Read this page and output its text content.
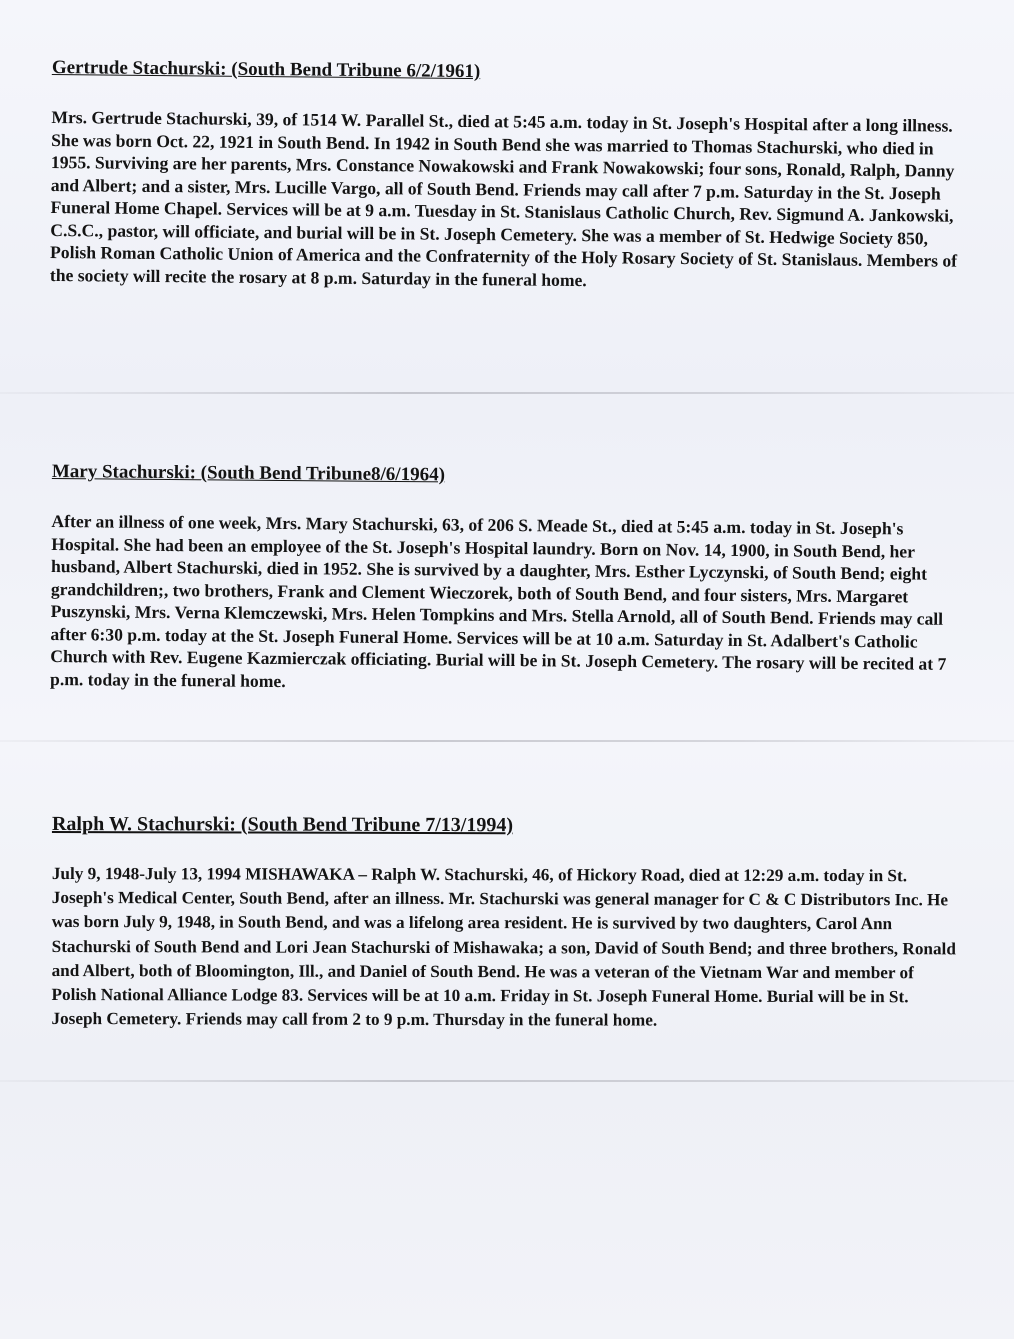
Gertrude Stachurski: (South Bend Tribune 6/2/1961)

Mrs. Gertrude Stachurski, 39, of 1514 W. Parallel St., died at 5:45 a.m. today in St. Joseph's Hospital after a long illness. She was born Oct. 22, 1921 in South Bend. In 1942 in South Bend she was married to Thomas Stachurski, who died in 1955. Surviving are her parents, Mrs. Constance Nowakowski and Frank Nowakowski; four sons, Ronald, Ralph, Danny and Albert; and a sister, Mrs. Lucille Vargo, all of South Bend. Friends may call after 7 p.m. Saturday in the St. Joseph Funeral Home Chapel. Services will be at 9 a.m. Tuesday in St. Stanislaus Catholic Church, Rev. Sigmund A. Jankowski, C.S.C., pastor, will officiate, and burial will be in St. Joseph Cemetery. She was a member of St. Hedwige Society 850, Polish Roman Catholic Union of America and the Confraternity of the Holy Rosary Society of St. Stanislaus. Members of the society will recite the rosary at 8 p.m. Saturday in the funeral home.

Mary Stachurski: (South Bend Tribune8/6/1964)

After an illness of one week, Mrs. Mary Stachurski, 63, of 206 S. Meade St., died at 5:45 a.m. today in St. Joseph's Hospital. She had been an employee of the St. Joseph's Hospital laundry. Born on Nov. 14, 1900, in South Bend, her husband, Albert Stachurski, died in 1952. She is survived by a daughter, Mrs. Esther Lyczynski, of South Bend; eight grandchildren;, two brothers, Frank and Clement Wieczorek, both of South Bend, and four sisters, Mrs. Margaret Puszynski, Mrs. Verna Klemczewski, Mrs. Helen Tompkins and Mrs. Stella Arnold, all of South Bend. Friends may call after 6:30 p.m. today at the St. Joseph Funeral Home. Services will be at 10 a.m. Saturday in St. Adalbert's Catholic Church with Rev. Eugene Kazmierczak officiating. Burial will be in St. Joseph Cemetery. The rosary will be recited at 7 p.m. today in the funeral home.

Ralph W. Stachurski: (South Bend Tribune 7/13/1994)

July 9, 1948-July 13, 1994 MISHAWAKA – Ralph W. Stachurski, 46, of Hickory Road, died at 12:29 a.m. today in St. Joseph's Medical Center, South Bend, after an illness. Mr. Stachurski was general manager for C & C Distributors Inc. He was born July 9, 1948, in South Bend, and was a lifelong area resident. He is survived by two daughters, Carol Ann Stachurski of South Bend and Lori Jean Stachurski of Mishawaka; a son, David of South Bend; and three brothers, Ronald and Albert, both of Bloomington, Ill., and Daniel of South Bend. He was a veteran of the Vietnam War and member of Polish National Alliance Lodge 83. Services will be at 10 a.m. Friday in St. Joseph Funeral Home. Burial will be in St. Joseph Cemetery. Friends may call from 2 to 9 p.m. Thursday in the funeral home.
